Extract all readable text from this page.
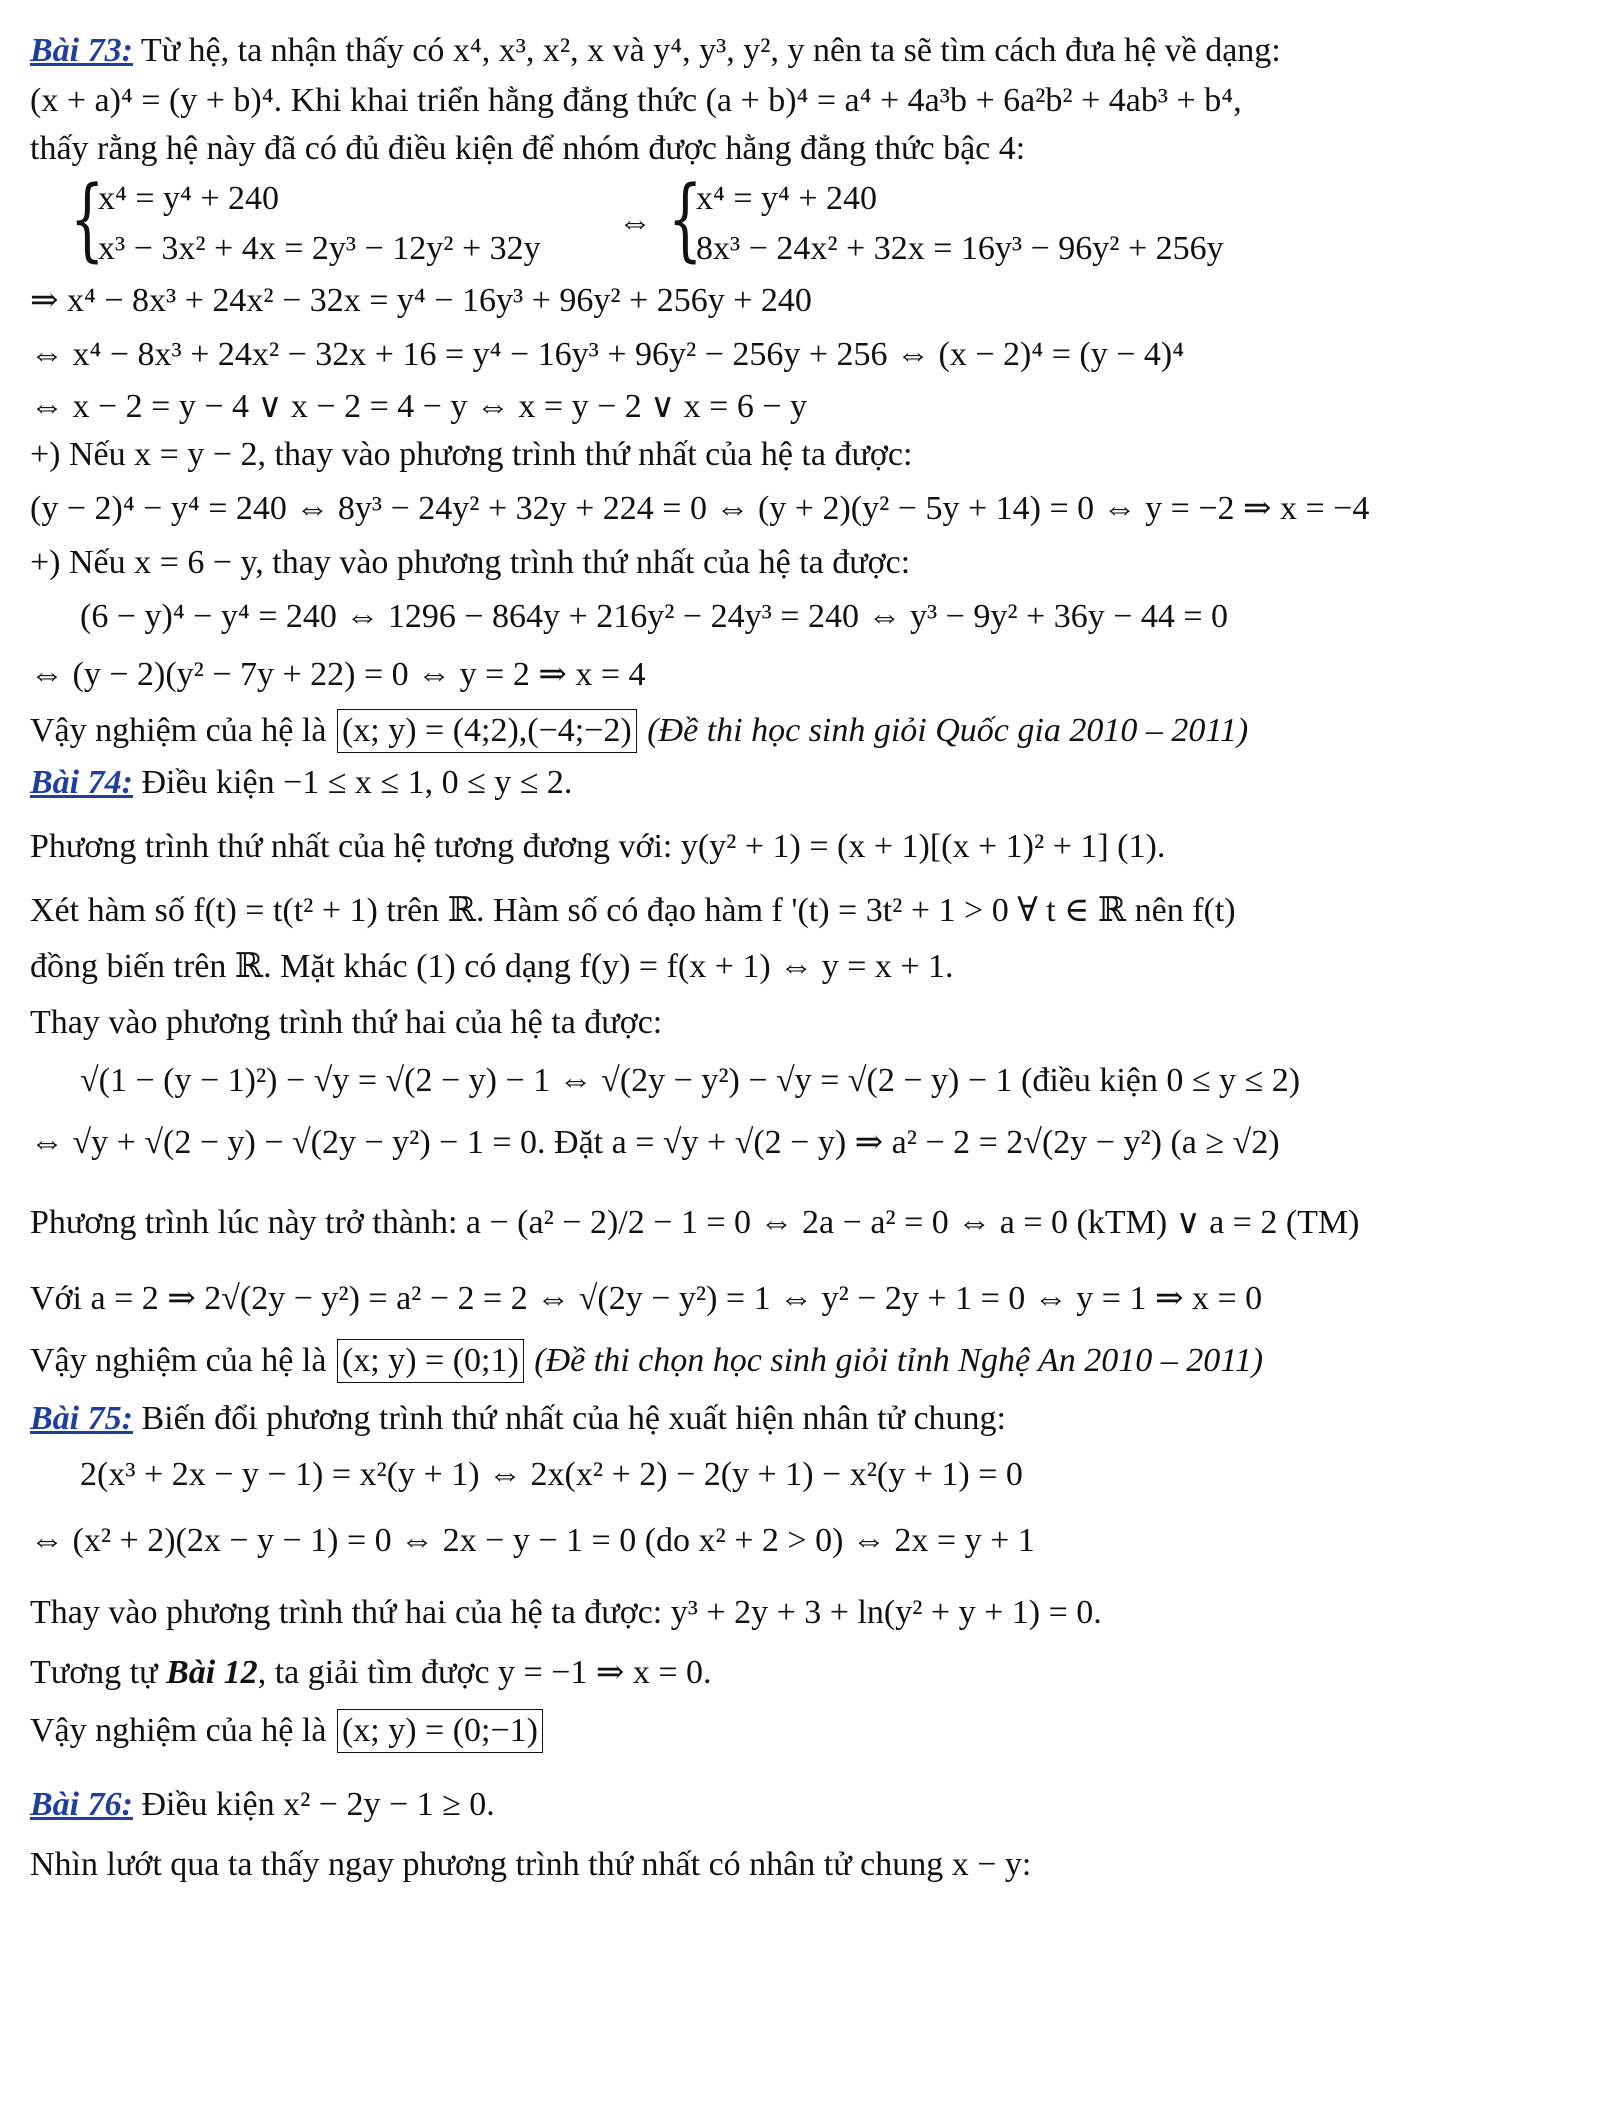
Bài 73: Từ hệ, ta nhận thấy có x⁴, x³, x², x và y⁴, y³, y², y nên ta sẽ tìm cách đưa hệ về dạng:
(x + a)⁴ = (y + b)⁴. Khi khai triển hằng đẳng thức (a + b)⁴ = a⁴ + 4a³b + 6a²b² + 4ab³ + b⁴,
thấy rằng hệ này đã có đủ điều kiện để nhóm được hằng đẳng thức bậc 4:
{
x⁴ = y⁴ + 240
x³ − 3x² + 4x = 2y³ − 12y² + 32y
⇔ {
x⁴ = y⁴ + 240
8x³ − 24x² + 32x = 16y³ − 96y² + 256y
⇒ x⁴ − 8x³ + 24x² − 32x = y⁴ − 16y³ + 96y² + 256y + 240
⇔ x⁴ − 8x³ + 24x² − 32x + 16 = y⁴ − 16y³ + 96y² − 256y + 256 ⇔ (x − 2)⁴ = (y − 4)⁴
⇔ x − 2 = y − 4 ∨ x − 2 = 4 − y ⇔ x = y − 2 ∨ x = 6 − y
+) Nếu x = y − 2, thay vào phương trình thứ nhất của hệ ta được:
(y − 2)⁴ − y⁴ = 240 ⇔ 8y³ − 24y² + 32y + 224 = 0 ⇔ (y + 2)(y² − 5y + 14) = 0 ⇔ y = −2 ⇒ x = −4
+) Nếu x = 6 − y, thay vào phương trình thứ nhất của hệ ta được:
(6 − y)⁴ − y⁴ = 240 ⇔ 1296 − 864y + 216y² − 24y³ = 240 ⇔ y³ − 9y² + 36y − 44 = 0
⇔ (y − 2)(y² − 7y + 22) = 0 ⇔ y = 2 ⇒ x = 4
Vậy nghiệm của hệ là (x; y) = (4;2),(−4;−2) (Đề thi học sinh giỏi Quốc gia 2010 – 2011)
Bài 74: Điều kiện −1 ≤ x ≤ 1, 0 ≤ y ≤ 2.
Phương trình thứ nhất của hệ tương đương với: y(y² + 1) = (x + 1)[(x + 1)² + 1] (1).
Xét hàm số f(t) = t(t² + 1) trên ℝ. Hàm số có đạo hàm f '(t) = 3t² + 1 > 0 ∀ t ∈ ℝ nên f(t)
đồng biến trên ℝ. Mặt khác (1) có dạng f(y) = f(x + 1) ⇔ y = x + 1.
Thay vào phương trình thứ hai của hệ ta được:
√(1 − (y − 1)²) − √y = √(2 − y) − 1 ⇔ √(2y − y²) − √y = √(2 − y) − 1 (điều kiện 0 ≤ y ≤ 2)
⇔ √y + √(2 − y) − √(2y − y²) − 1 = 0. Đặt a = √y + √(2 − y) ⇒ a² − 2 = 2√(2y − y²) (a ≥ √2)
Phương trình lúc này trở thành: a − (a² − 2)/2 − 1 = 0 ⇔ 2a − a² = 0 ⇔ a = 0 (kTM) ∨ a = 2 (TM)
Với a = 2 ⇒ 2√(2y − y²) = a² − 2 = 2 ⇔ √(2y − y²) = 1 ⇔ y² − 2y + 1 = 0 ⇔ y = 1 ⇒ x = 0
Vậy nghiệm của hệ là (x; y) = (0;1) (Đề thi chọn học sinh giỏi tỉnh Nghệ An 2010 – 2011)
Bài 75: Biến đổi phương trình thứ nhất của hệ xuất hiện nhân tử chung:
2(x³ + 2x − y − 1) = x²(y + 1) ⇔ 2x(x² + 2) − 2(y + 1) − x²(y + 1) = 0
⇔ (x² + 2)(2x − y − 1) = 0 ⇔ 2x − y − 1 = 0 (do x² + 2 > 0) ⇔ 2x = y + 1
Thay vào phương trình thứ hai của hệ ta được: y³ + 2y + 3 + ln(y² + y + 1) = 0.
Tương tự Bài 12, ta giải tìm được y = −1 ⇒ x = 0.
Vậy nghiệm của hệ là (x; y) = (0;−1)
Bài 76: Điều kiện x² − 2y − 1 ≥ 0.
Nhìn lướt qua ta thấy ngay phương trình thứ nhất có nhân tử chung x − y:
